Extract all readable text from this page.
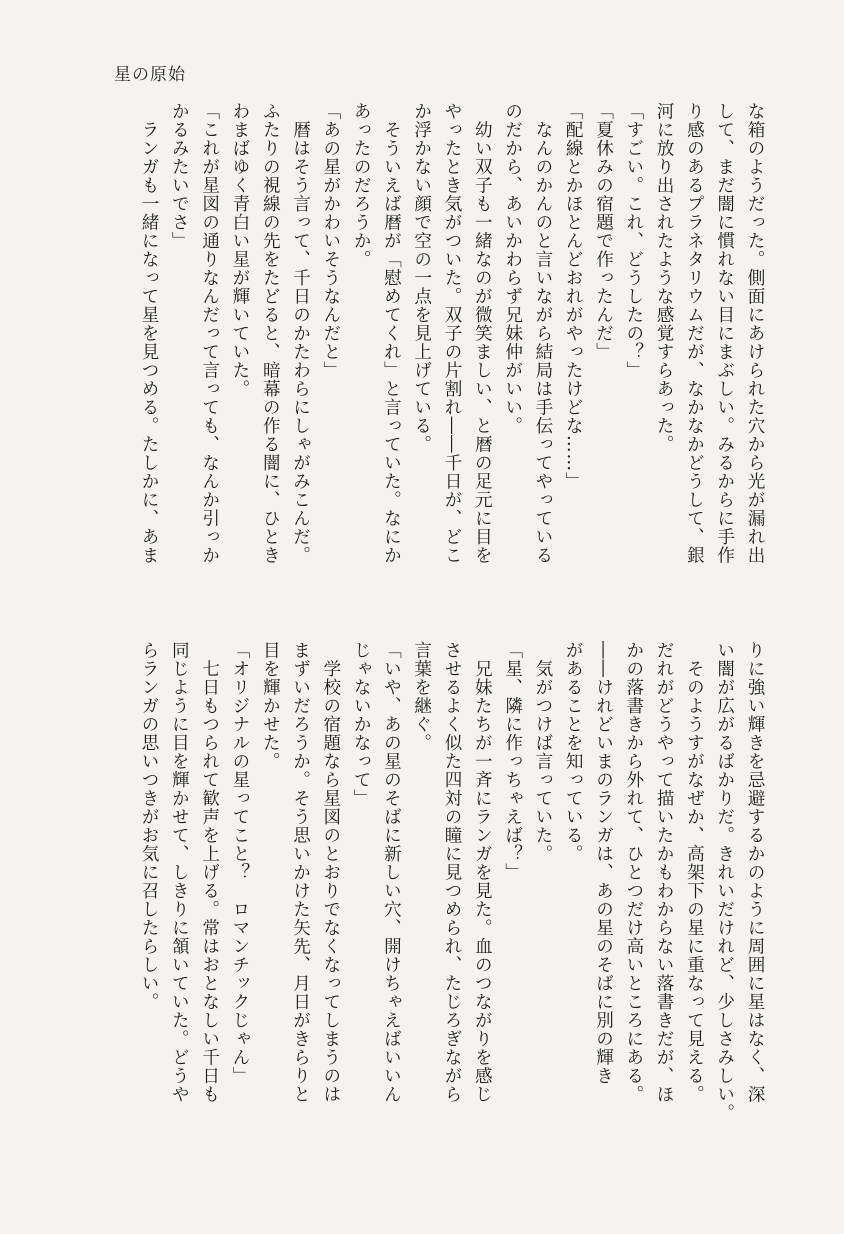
星の原始
な箱のようだった。側面にあけられた穴から光が漏れ出
して、まだ闇に慣れない目にまぶしい。みるからに手作
り感のあるプラネタリウムだが、なかなかどうして、銀
河に放り出されたような感覚すらあった。
「すごい。これ、どうしたの？」
「夏休みの宿題で作ったんだ」
「配線とかほとんどおれがやったけどな……」
　なんのかんのと言いながら結局は手伝ってやっている
のだから、あいかわらず兄妹仲がいい。
　幼い双子も一緒なのが微笑ましい、と暦の足元に目を
やったとき気がついた。双子の片割れ――千日が、どこ
か浮かない顔で空の一点を見上げている。
　そういえば暦が「慰めてくれ」と言っていた。なにか
あったのだろうか。
「あの星がかわいそうなんだと」
　暦はそう言って、千日のかたわらにしゃがみこんだ。
ふたりの視線の先をたどると、暗幕の作る闇に、ひとき
わまばゆく青白い星が輝いていた。
「これが星図の通りなんだって言っても、なんか引っか
かるみたいでさ」
　ランガも一緒になって星を見つめる。たしかに、あま
りに強い輝きを忌避するかのように周囲に星はなく、深
い闇が広がるばかりだ。きれいだけれど、少しさみしい。
　そのようすがなぜか、高架下の星に重なって見える。
だれがどうやって描いたかもわからない落書きだが、ほ
かの落書きから外れて、ひとつだけ高いところにある。
――けれどいまのランガは、あの星のそばに別の輝き
があることを知っている。
　気がつけば言っていた。
「星、隣に作っちゃえば？」
　兄妹たちが一斉にランガを見た。血のつながりを感じ
させるよく似た四対の瞳に見つめられ、たじろぎながら
言葉を継ぐ。
「いや、あの星のそばに新しい穴、開けちゃえばいいん
じゃないかなって」
　学校の宿題なら星図のとおりでなくなってしまうのは
まずいだろうか。そう思いかけた矢先、月日がきらりと
目を輝かせた。
「オリジナルの星ってこと？　ロマンチックじゃん」
　七日もつられて歓声を上げる。常はおとなしい千日も
同じように目を輝かせて、しきりに頷いていた。どうや
らランガの思いつきがお気に召したらしい。
